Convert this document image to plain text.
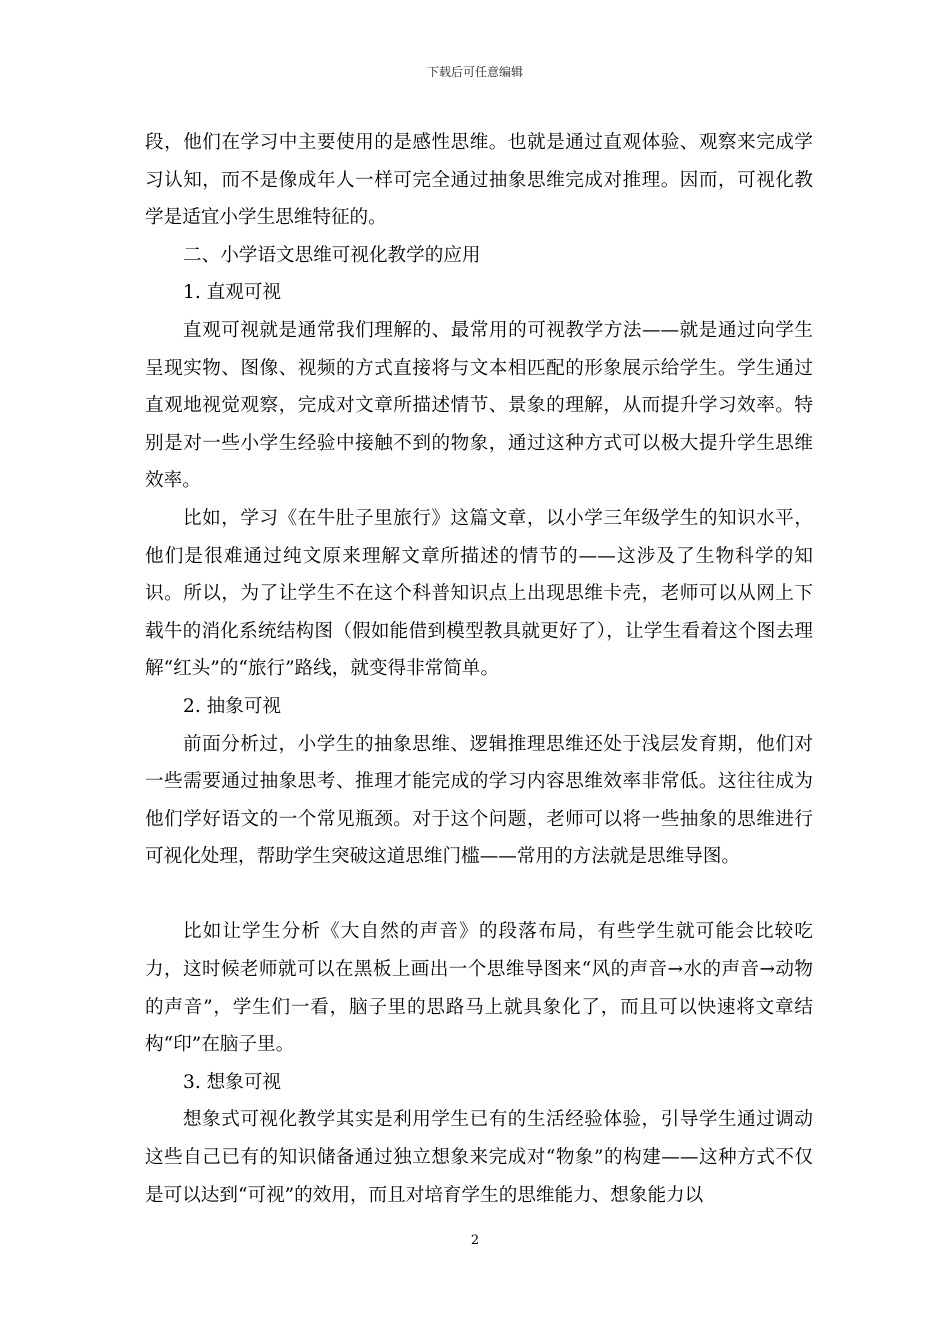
下载后可任意编辑

段，他们在学习中主要使用的是感性思维。也就是通过直观体验、观察来完成学习认知，而不是像成年人一样可完全通过抽象思维完成对推理。因而，可视化教学是适宜小学生思维特征的。

二、小学语文思维可视化教学的应用

1. 直观可视

直观可视就是通常我们理解的、最常用的可视教学方法——就是通过向学生呈现实物、图像、视频的方式直接将与文本相匹配的形象展示给学生。学生通过直观地视觉观察，完成对文章所描述情节、景象的理解，从而提升学习效率。特别是对一些小学生经验中接触不到的物象，通过这种方式可以极大提升学生思维效率。

比如，学习《在牛肚子里旅行》这篇文章，以小学三年级学生的知识水平，他们是很难通过纯文原来理解文章所描述的情节的——这涉及了生物科学的知识。所以，为了让学生不在这个科普知识点上出现思维卡壳，老师可以从网上下载牛的消化系统结构图（假如能借到模型教具就更好了），让学生看着这个图去理解“红头”的“旅行”路线，就变得非常简单。

2. 抽象可视

前面分析过，小学生的抽象思维、逻辑推理思维还处于浅层发育期，他们对一些需要通过抽象思考、推理才能完成的学习内容思维效率非常低。这往往成为他们学好语文的一个常见瓶颈。对于这个问题，老师可以将一些抽象的思维进行可视化处理，帮助学生突破这道思维门槛——常用的方法就是思维导图。

比如让学生分析《大自然的声音》的段落布局，有些学生就可能会比较吃力，这时候老师就可以在黑板上画出一个思维导图来“风的声音→水的声音→动物的声音”，学生们一看，脑子里的思路马上就具象化了，而且可以快速将文章结构“印”在脑子里。

3. 想象可视

想象式可视化教学其实是利用学生已有的生活经验体验，引导学生通过调动这些自己已有的知识储备通过独立想象来完成对“物象”的构建——这种方式不仅是可以达到“可视”的效用，而且对培育学生的思维能力、想象能力以

2
